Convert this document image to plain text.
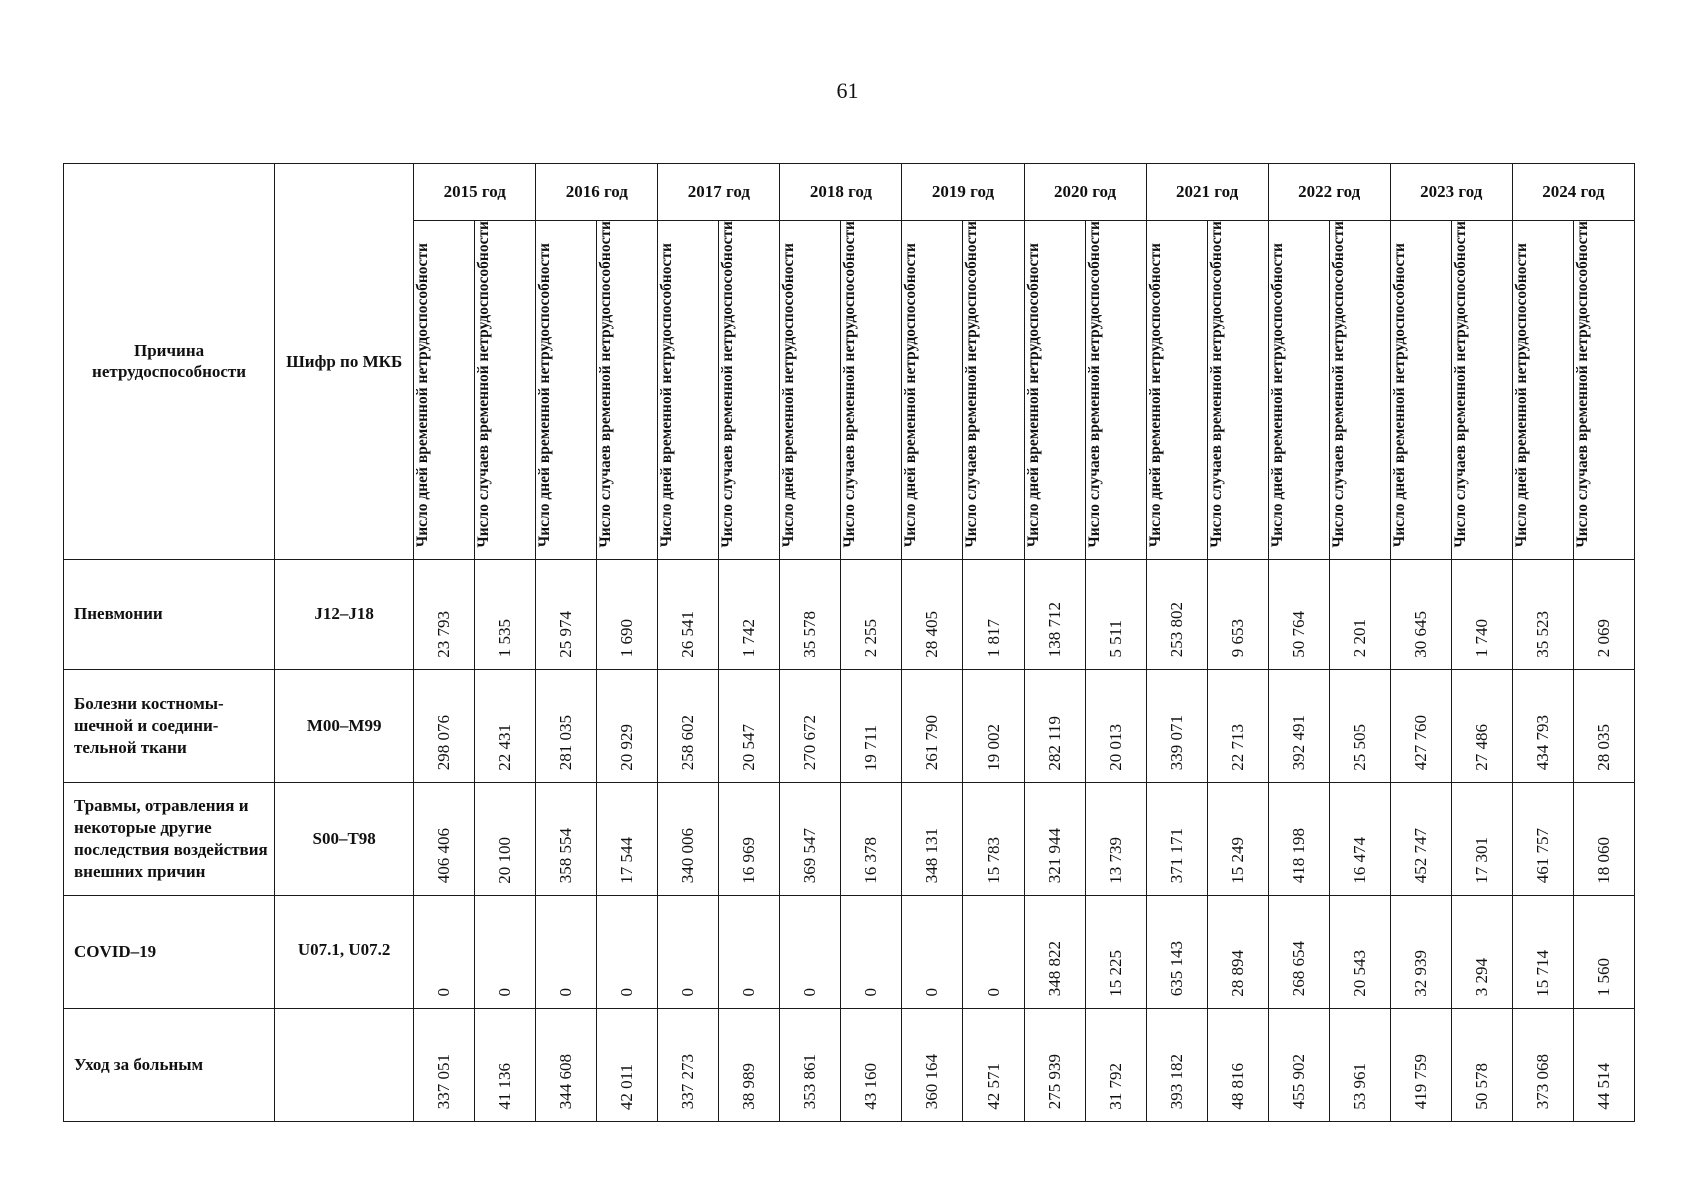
61
Причина нетрудоспособности	Шифр по МКБ	2015 год		2016 год		2017 год		2018 год		2019 год		2020 год		2021 год		2022 год		2023 год		2024 год	
		Число дней временной нетрудоспособности	Число случаев временной нетрудоспособности	Число дней временной нетрудоспособности	Число случаев временной нетрудоспособности	Число дней временной нетрудоспособности	Число случаев временной нетрудоспособности	Число дней временной нетрудоспособности	Число случаев временной нетрудоспособности	Число дней временной нетрудоспособности	Число случаев временной нетрудоспособности	Число дней временной нетрудоспособности	Число случаев временной нетрудоспособности	Число дней временной нетрудоспособности	Число случаев временной нетрудоспособности	Число дней временной нетрудоспособности	Число случаев временной нетрудоспособности	Число дней временной нетрудоспособности	Число случаев временной нетрудоспособности	Число дней временной нетрудоспособности	Число случаев временной нетрудоспособности
Пневмонии	J12–J18	23 793	1 535	25 974	1 690	26 541	1 742	35 578	2 255	28 405	1 817	138 712	5 511	253 802	9 653	50 764	2 201	30 645	1 740	35 523	2 069
Болезни костномы-шечной и соедини-тельной ткани	M00–M99	298 076	22 431	281 035	20 929	258 602	20 547	270 672	19 711	261 790	19 002	282 119	20 013	339 071	22 713	392 491	25 505	427 760	27 486	434 793	28 035
Травмы, отравления и некоторые другие последствия воздействия внешних причин	S00–T98	406 406	20 100	358 554	17 544	340 006	16 969	369 547	16 378	348 131	15 783	321 944	13 739	371 171	15 249	418 198	16 474	452 747	17 301	461 757	18 060
COVID–19	U07.1, U07.2	0	0	0	0	0	0	0	0	0	0	348 822	15 225	635 143	28 894	268 654	20 543	32 939	3 294	15 714	1 560
Уход за больным		337 051	41 136	344 608	42 011	337 273	38 989	353 861	43 160	360 164	42 571	275 939	31 792	393 182	48 816	455 902	53 961	419 759	50 578	373 068	44 514
